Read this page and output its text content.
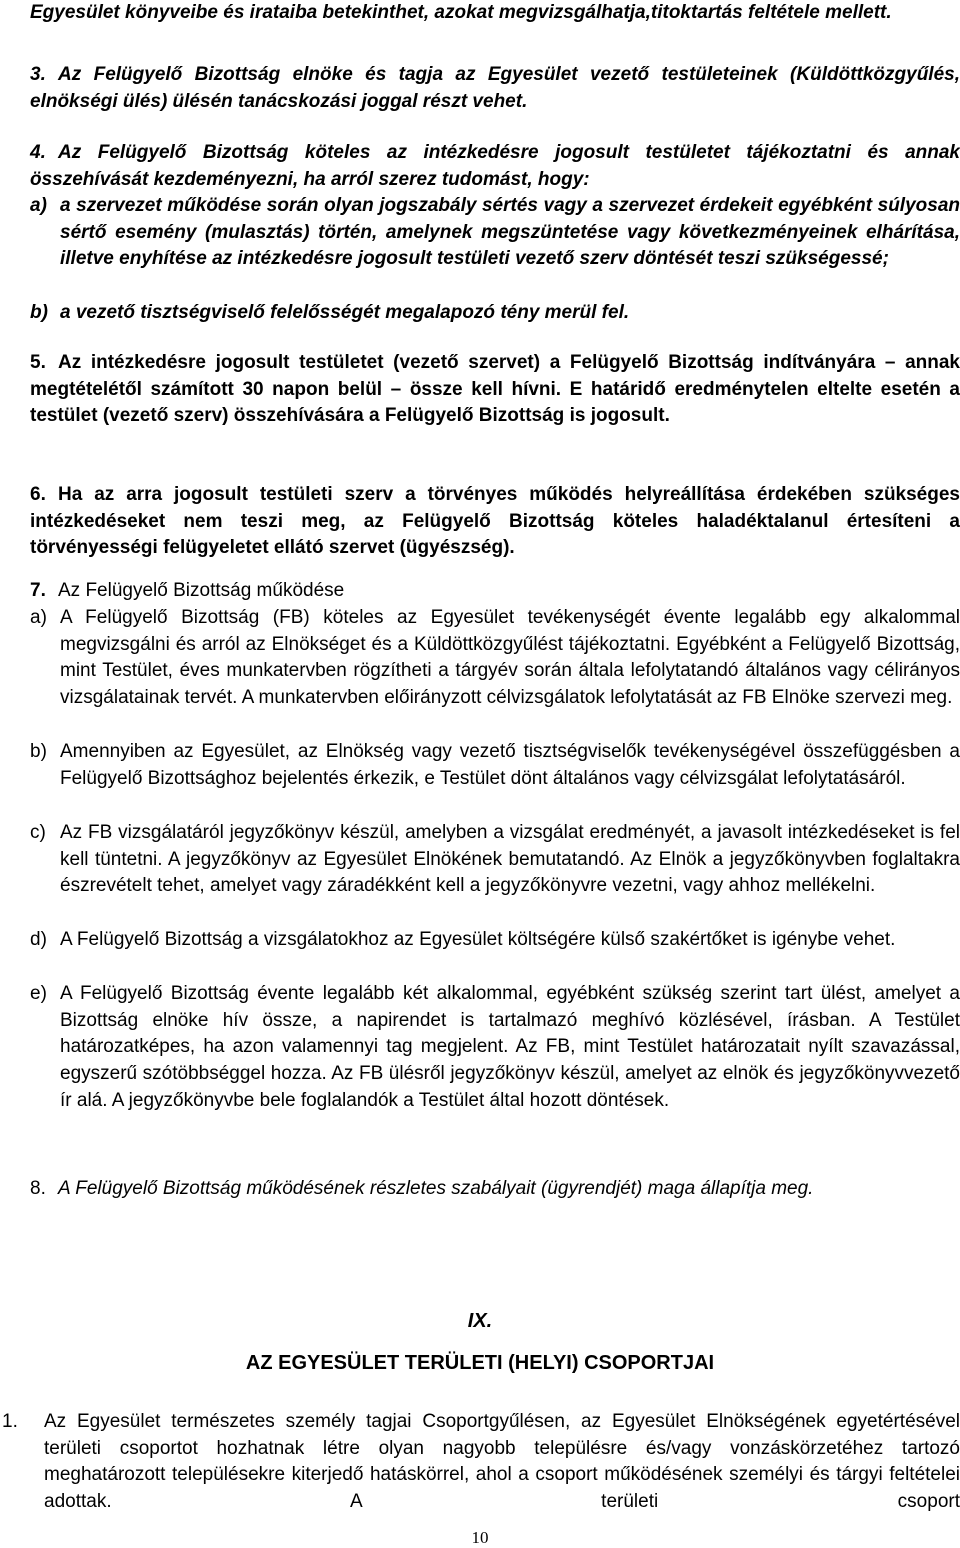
Egyesület könyveibe és irataiba betekinthet, azokat megvizsgálhatja,titoktartás feltétele mellett.

3. Az Felügyelő Bizottság elnöke és tagja az Egyesület vezető testületeinek (Küldöttközgyűlés, elnökségi ülés) ülésén tanácskozási joggal részt vehet.

4. Az Felügyelő Bizottság köteles az intézkedésre jogosult testületet tájékoztatni és annak összehívását kezdeményezni, ha arról szerez tudomást, hogy:

a) a szervezet működése során olyan jogszabály sértés vagy a szervezet érdekeit egyébként súlyosan sértő esemény (mulasztás) történ, amelynek megszüntetése vagy következményeinek elhárítása, illetve enyhítése az intézkedésre jogosult testületi vezető szerv döntését teszi szükségessé;

b) a vezető tisztségviselő felelősségét megalapozó tény merül fel.

5. Az intézkedésre jogosult testületet (vezető szervet) a Felügyelő Bizottság indítványára – annak megtételétől számított 30 napon belül – össze kell hívni. E határidő eredménytelen eltelte esetén a testület (vezető szerv) összehívására a Felügyelő Bizottság is jogosult.

6. Ha az arra jogosult testületi szerv a törvényes működés helyreállítása érdekében szükséges intézkedéseket nem teszi meg, az Felügyelő Bizottság köteles haladéktalanul értesíteni a törvényességi felügyeletet ellátó szervet (ügyészség).

7. Az Felügyelő Bizottság működése
a) A Felügyelő Bizottság (FB) köteles az Egyesület tevékenységét évente legalább egy alkalommal megvizsgálni és arról az Elnökséget és a Küldöttközgyűlést tájékoztatni. Egyébként a Felügyelő Bizottság, mint Testület, éves munkatervben rögzítheti a tárgyév során általa lefolytatandó általános vagy célirányos vizsgálatainak tervét. A munkatervben előirányzott célvizsgálatok lefolytatását az FB Elnöke szervezi meg.

b) Amennyiben az Egyesület, az Elnökség vagy vezető tisztségviselők tevékenységével összefüggésben a Felügyelő Bizottsághoz bejelentés érkezik, e Testület dönt általános vagy célvizsgálat lefolytatásáról.

c) Az FB vizsgálatáról jegyzőkönyv készül, amelyben a vizsgálat eredményét, a javasolt intézkedéseket is fel kell tüntetni. A jegyzőkönyv az Egyesület Elnökének bemutatandó. Az Elnök a jegyzőkönyvben foglaltakra észrevételt tehet, amelyet vagy záradékként kell a jegyzőkönyvre vezetni, vagy ahhoz mellékelni.

d) A Felügyelő Bizottság a vizsgálatokhoz az Egyesület költségére külső szakértőket is igénybe vehet.

e) A Felügyelő Bizottság évente legalább két alkalommal, egyébként szükség szerint tart ülést, amelyet a Bizottság elnöke hív össze, a napirendet is tartalmazó meghívó közlésével, írásban. A Testület határozatképes, ha azon valamennyi tag megjelent. Az FB, mint Testület határozatait nyílt szavazással, egyszerű szótöbbséggel hozza. Az FB ülésről jegyzőkönyv készül, amelyet az elnök és jegyzőkönyvvezető ír alá. A jegyzőkönyvbe bele foglalandók a Testület által hozott döntések.

8. A Felügyelő Bizottság működésének részletes szabályait (ügyrendjét) maga állapítja meg.

IX.

AZ EGYESÜLET TERÜLETI (HELYI) CSOPORTJAI

1. Az Egyesület természetes személy tagjai Csoportgyűlésen, az Egyesület Elnökségének egyetértésével területi csoportot hozhatnak létre olyan nagyobb településre és/vagy vonzáskörzetéhez tartozó meghatározott településekre kiterjedő hatáskörrel, ahol a csoport működésének személyi és tárgyi feltételei adottak. A területi csoport

10
